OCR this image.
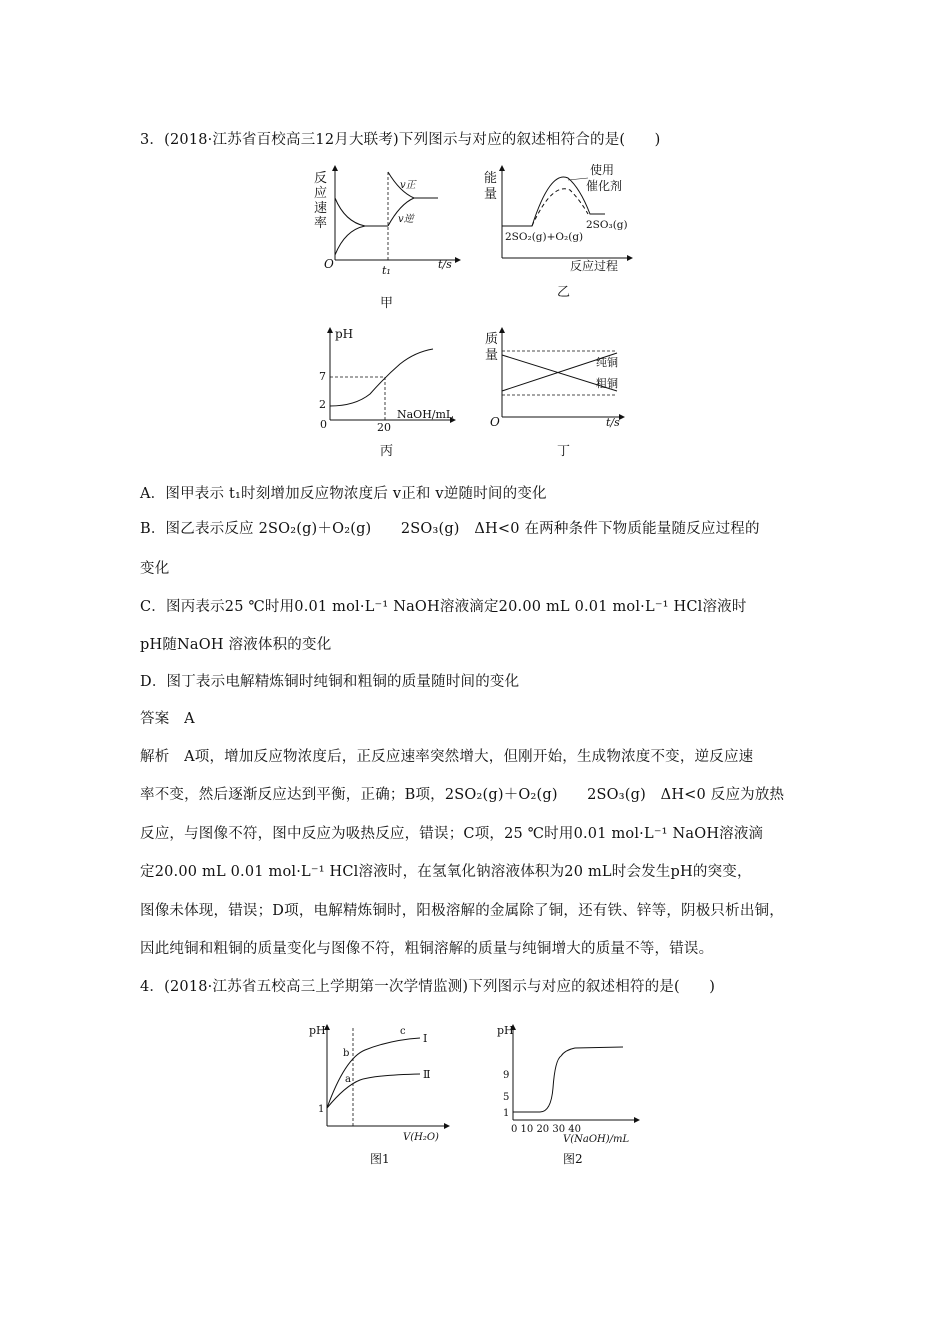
3．(2018·江苏省百校高三12月大联考)下列图示与对应的叙述相符合的是(　　)
反
应
速
率
O	t₁	t/s
v正
v逆
甲
能
量
使用
催化剂
2SO₂(g)+O₂(g)
2SO₃(g)
反应过程
乙
pH
7
2
0	20
NaOH/mL
丙
质
量	纯铜
粗铜
O	t/s
丁
A．图甲表示 t₁时刻增加反应物浓度后 v正和 v逆随时间的变化
B．图乙表示反应 2SO₂(g)＋O₂(g)　　2SO₃(g)　ΔH<0 在两种条件下物质能量随反应过程的
变化
C．图丙表示25 ℃时用0.01 mol·L⁻¹ NaOH溶液滴定20.00 mL 0.01 mol·L⁻¹ HCl溶液时
pH随NaOH 溶液体积的变化
D．图丁表示电解精炼铜时纯铜和粗铜的质量随时间的变化
答案　A
解析　A项，增加反应物浓度后，正反应速率突然增大，但刚开始，生成物浓度不变，逆反应速
率不变，然后逐渐反应达到平衡，正确；B项，2SO₂(g)＋O₂(g)　　2SO₃(g)　ΔH<0 反应为放热
反应，与图像不符，图中反应为吸热反应，错误；C项，25 ℃时用0.01 mol·L⁻¹ NaOH溶液滴
定20.00 mL 0.01 mol·L⁻¹ HCl溶液时，在氢氧化钠溶液体积为20 mL时会发生pH的突变，
图像未体现，错误；D项，电解精炼铜时，阳极溶解的金属除了铜，还有铁、锌等，阴极只析出铜，
因此纯铜和粗铜的质量变化与图像不符，粗铜溶解的质量与纯铜增大的质量不等，错误。
4．(2018·江苏省五校高三上学期第一次学情监测)下列图示与对应的叙述相符的是(　　)
pH
1
b
a
c
Ⅰ
Ⅱ
V(H₂O)
图1
pH
9
5
1
0 10 20 30 40
V(NaOH)/mL
图2
